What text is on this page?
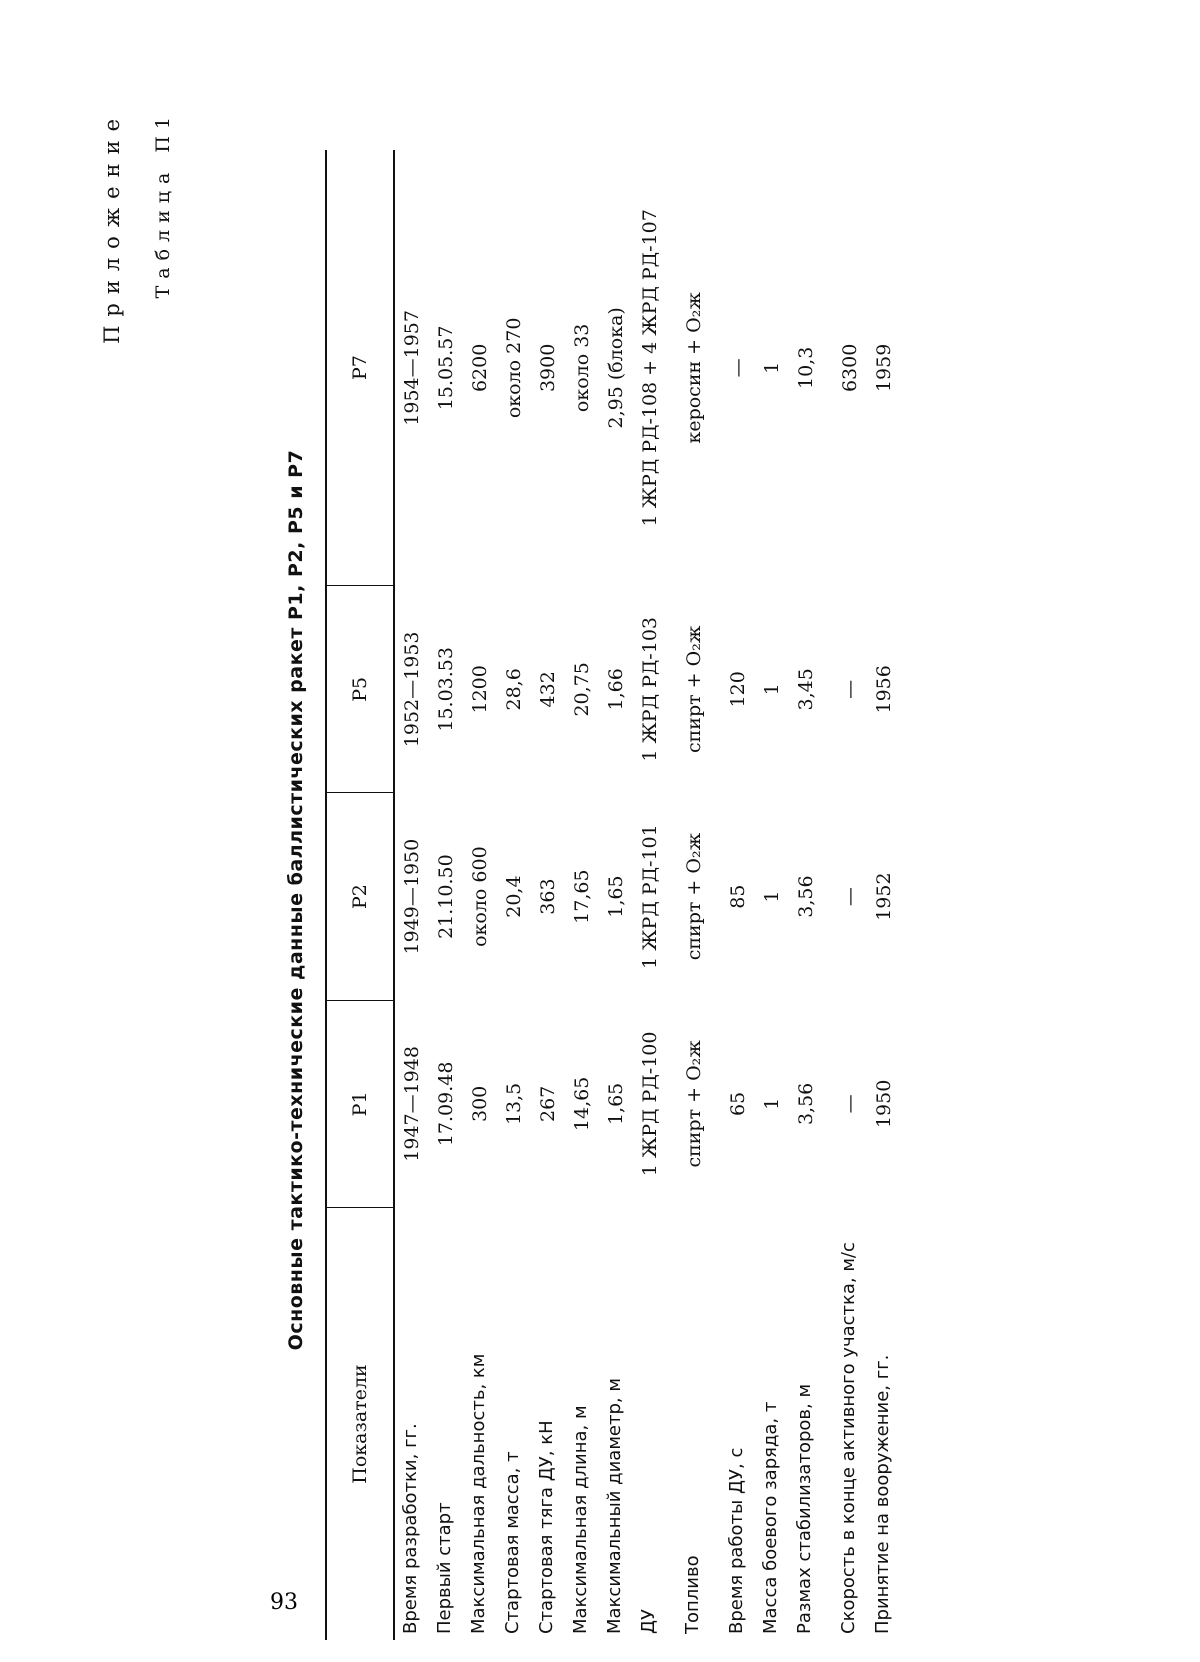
Приложение Таблица П1
Основные тактико-технические данные баллистических ракет Р1, Р2, Р5 и Р7
Показатели	Р1	Р2	Р5	Р7
Время разработки, гг.	1947—1948	1949—1950	1952—1953	1954—1957
Первый старт	17.09.48	21.10.50	15.03.53	15.05.57
Максимальная дальность, км	300	около 600	1200	6200
Стартовая масса, т	13,5	20,4	28,6	около 270
Стартовая тяга ДУ, кН	267	363	432	3900
Максимальная длина, м	14,65	17,65	20,75	около 33
Максимальный диаметр, м	1,65	1,65	1,66	2,95 (блока)
ДУ	1 ЖРД РД-100	1 ЖРД РД-101	1 ЖРД РД-103	1 ЖРД РД-108 + 4 ЖРД РД-107
Топливо	спирт + O₂ж	спирт + O₂ж	спирт + O₂ж	керосин + O₂ж
Время работы ДУ, с	65	85	120	—
Масса боевого заряда, т	1	1	1	1
Размах стабилизаторов, м	3,56	3,56	3,45	10,3
Скорость в конце активного участка, м/с	—	—	—	6300
Принятие на вооружение, гг.	1950	1952	1956	1959
93
